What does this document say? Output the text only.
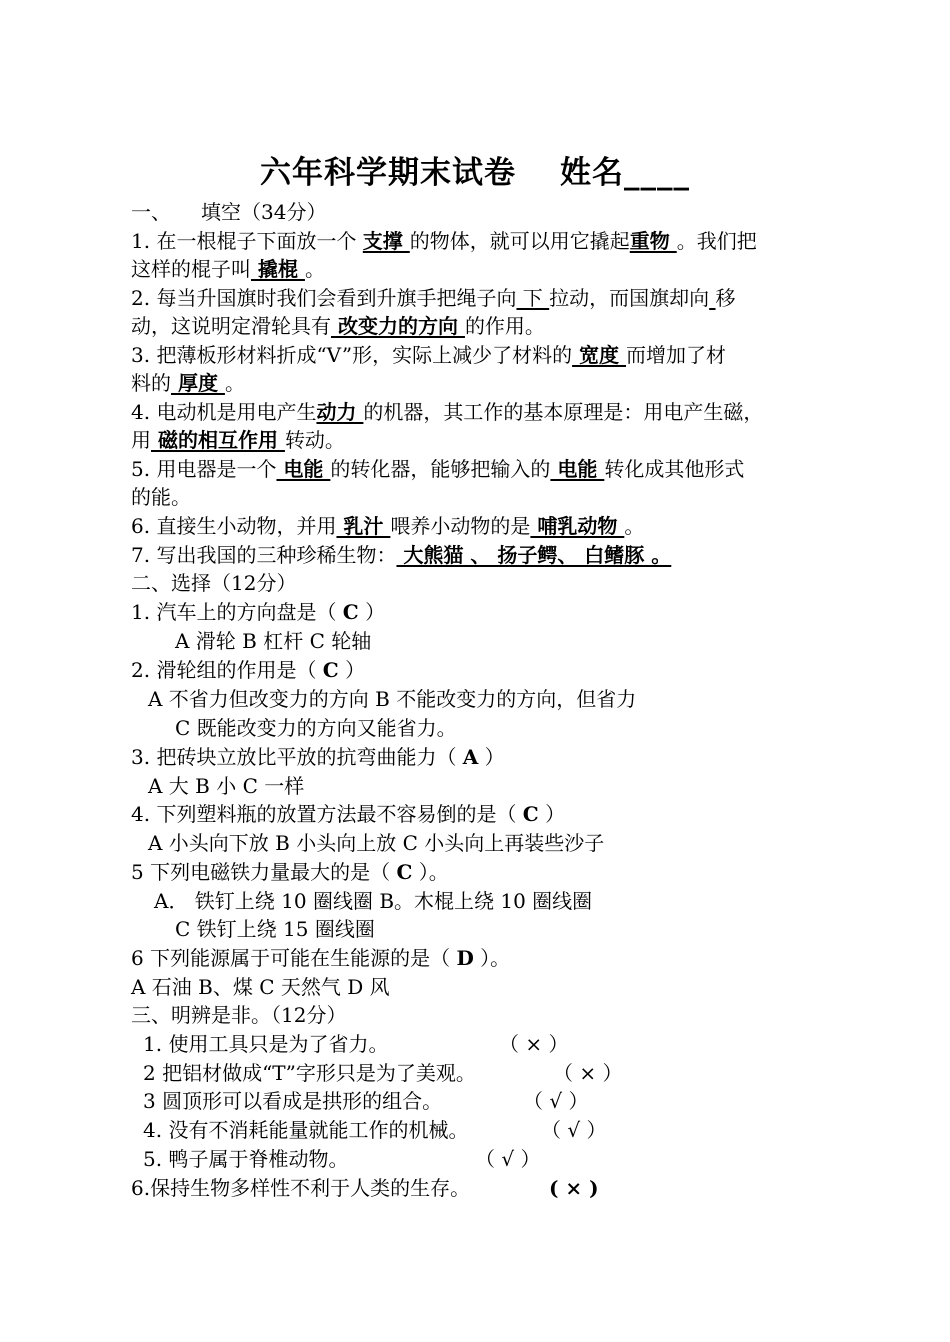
六年科学期末试卷 姓名____
一、　　填空（34分）
1. 在一根棍子下面放一个 支撑 的物体，就可以用它撬起重物 。我们把
这样的棍子叫 撬棍 。
2. 每当升国旗时我们会看到升旗手把绳子向 下 拉动，而国旗却向 移
动，这说明定滑轮具有 改变力的方向 的作用。
3. 把薄板形材料折成“V”形，实际上减少了材料的 宽度 而增加了材
料的 厚度 。
4. 电动机是用电产生动力 的机器，其工作的基本原理是：用电产生磁，
用 磁的相互作用 转动。
5. 用电器是一个 电能 的转化器，能够把输入的 电能 转化成其他形式
的能。
6. 直接生小动物，并用 乳汁 喂养小动物的是 哺乳动物 。
7. 写出我国的三种珍稀生物： 大熊猫 、 扬子鳄、 白鳍豚 。
二、选择（12分）
1. 汽车上的方向盘是（ C ）
A 滑轮 B 杠杆 C 轮轴
2. 滑轮组的作用是（ C ）
A 不省力但改变力的方向 B 不能改变力的方向，但省力
C 既能改变力的方向又能省力。
3. 把砖块立放比平放的抗弯曲能力（ A ）
A 大 B 小 C 一样
4. 下列塑料瓶的放置方法最不容易倒的是（ C ）
A 小头向下放 B 小头向上放 C 小头向上再装些沙子
5 下列电磁铁力量最大的是（ C ）。
A． 铁钉上绕 10 圈线圈 B。木棍上绕 10 圈线圈
C 铁钉上绕 15 圈线圈
6 下列能源属于可能在生能源的是（ D ）。
A 石油 B、煤 C 天然气 D 风
三、明辨是非。（12分）
1. 使用工具只是为了省力。	（ × ）
2 把铝材做成“T”字形只是为了美观。	（ × ）
3 圆顶形可以看成是拱形的组合。	（ √ ）
4. 没有不消耗能量就能工作的机械。	（ √ ）
5. 鸭子属于脊椎动物。	（ √ ）
6.保持生物多样性不利于人类的生存。	( × )
